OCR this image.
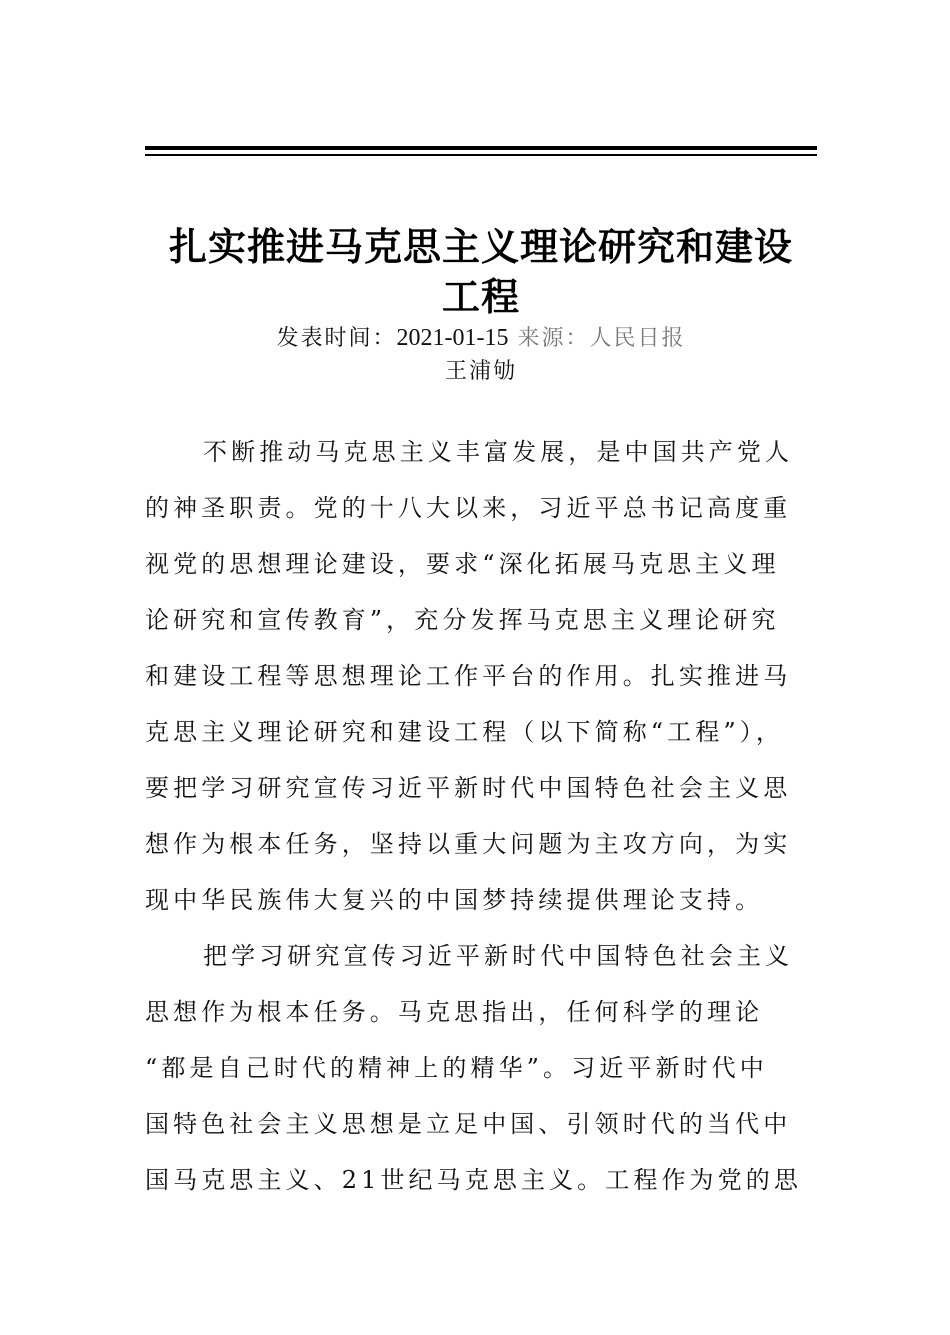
扎实推进马克思主义理论研究和建设
工程
发表时间：2021-01-15 来源：人民日报
王浦劬
不断推动马克思主义丰富发展，是中国共产党人
的神圣职责。党的十八大以来，习近平总书记高度重
视党的思想理论建设，要求“深化拓展马克思主义理
论研究和宣传教育”，充分发挥马克思主义理论研究
和建设工程等思想理论工作平台的作用。扎实推进马
克思主义理论研究和建设工程（以下简称“工程”），
要把学习研究宣传习近平新时代中国特色社会主义思
想作为根本任务，坚持以重大问题为主攻方向，为实
现中华民族伟大复兴的中国梦持续提供理论支持。
把学习研究宣传习近平新时代中国特色社会主义
思想作为根本任务。马克思指出，任何科学的理论
“都是自己时代的精神上的精华”。习近平新时代中
国特色社会主义思想是立足中国、引领时代的当代中
国马克思主义、21世纪马克思主义。工程作为党的思
